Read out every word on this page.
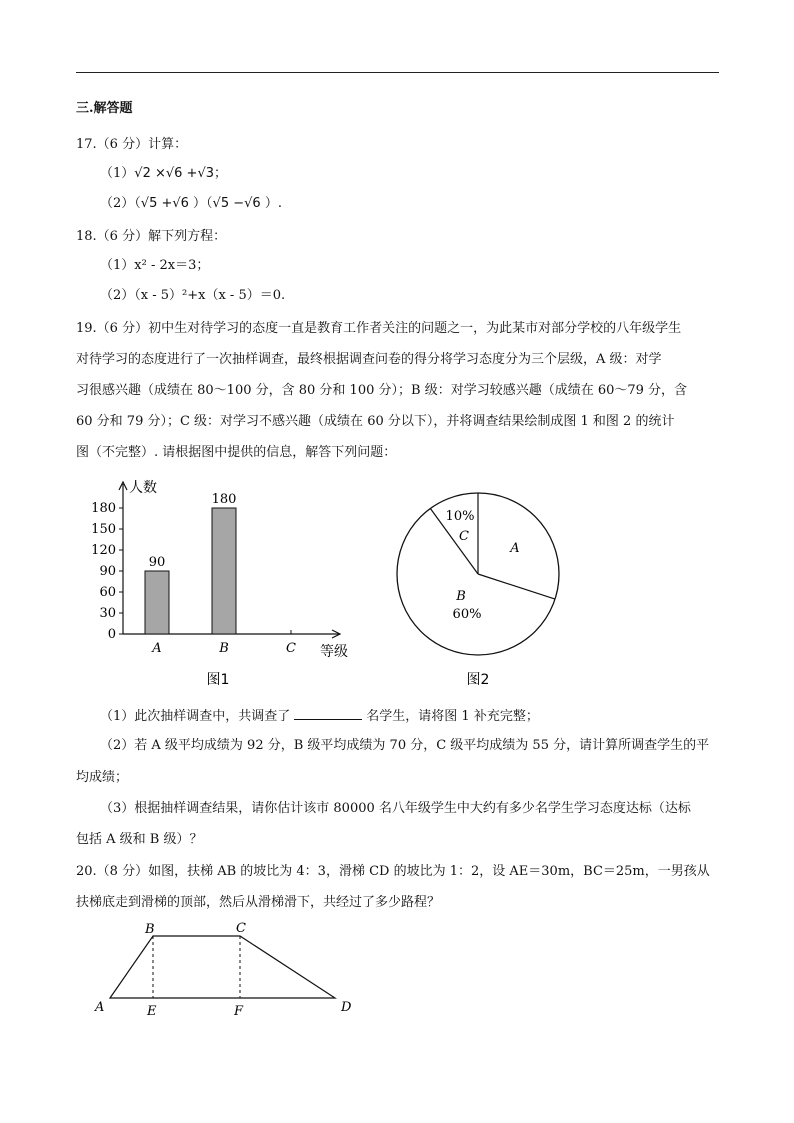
三.解答题
17.（6 分）计算：
（1）√2 ×√6 +√3；
（2）（√5 +√6 ）（√5 −√6 ）.
18.（6 分）解下列方程：
（1）x² - 2x＝3；
（2）（x - 5）²+x（x - 5）＝0.
19.（6 分）初中生对待学习的态度一直是教育工作者关注的问题之一，为此某市对部分学校的八年级学生
对待学习的态度进行了一次抽样调查，最终根据调查问卷的得分将学习态度分为三个层级，A 级：对学
习很感兴趣（成绩在 80～100 分，含 80 分和 100 分）；B 级：对学习较感兴趣（成绩在 60～79 分，含
60 分和 79 分）；C 级：对学习不感兴趣（成绩在 60 分以下），并将调查结果绘制成图 1 和图 2 的统计
图（不完整）. 请根据图中提供的信息，解答下列问题：
人数
等级
0
30
60
90
120
150
180
A	B	C
图1
90
180
A
B
60%
10%
C
图2
（1）此次抽样调查中，共调查了	名学生，请将图 1 补充完整；
（2）若 A 级平均成绩为 92 分，B 级平均成绩为 70 分，C 级平均成绩为 55 分，请计算所调查学生的平
均成绩；
（3）根据抽样调查结果，请你估计该市 80000 名八年级学生中大约有多少名学生学习态度达标（达标
包括 A 级和 B 级）？
20.（8 分）如图，扶梯 AB 的坡比为 4：3，滑梯 CD 的坡比为 1：2，设 AE＝30m，BC＝25m，一男孩从
扶梯底走到滑梯的顶部，然后从滑梯滑下，共经过了多少路程？
A
B	C
D
E	F
